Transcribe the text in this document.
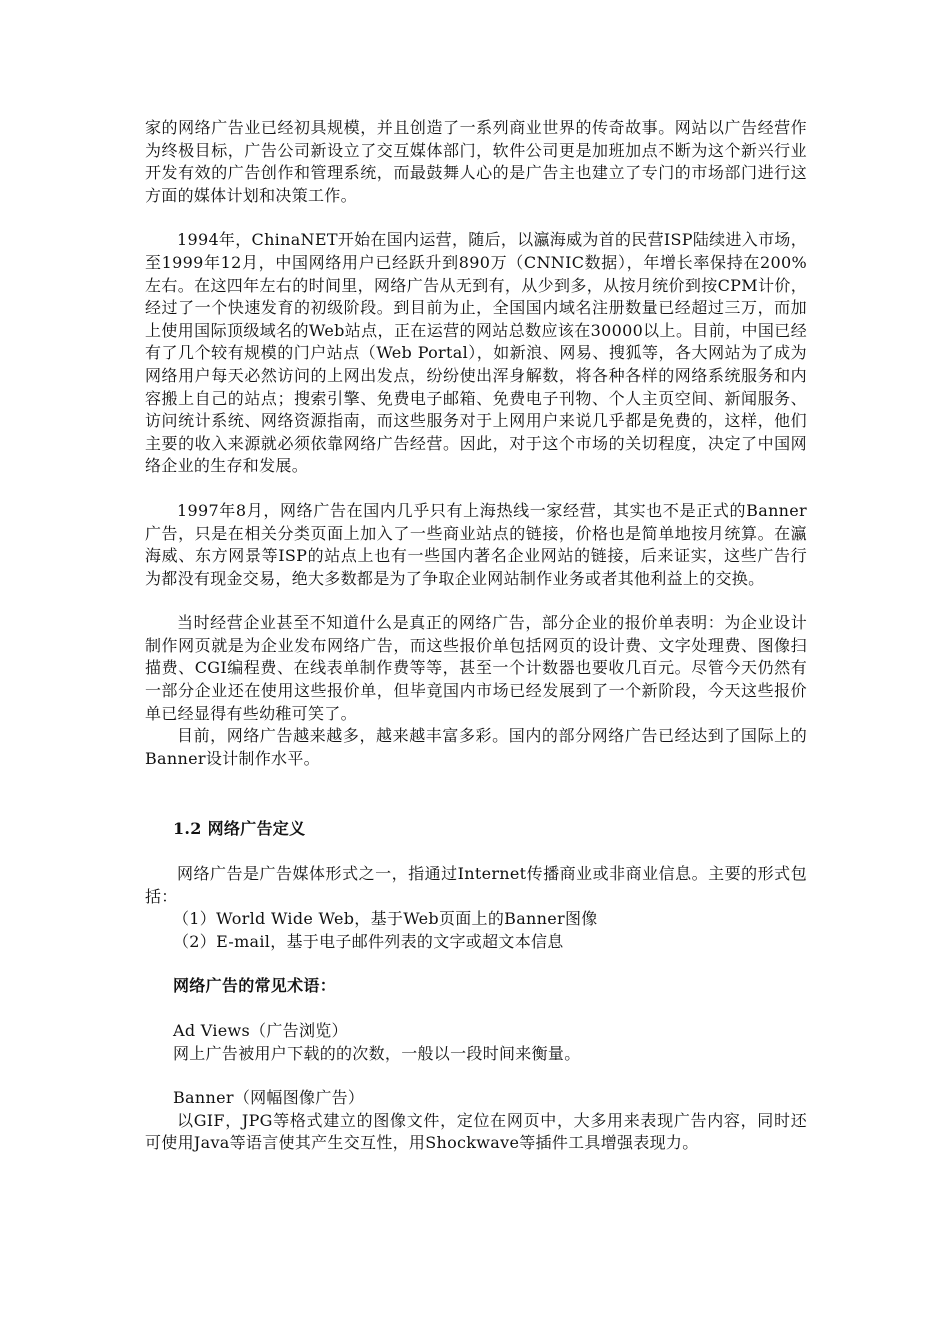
家的网络广告业已经初具规模，并且创造了一系列商业世界的传奇故事。网站以广告经营作为终极目标，广告公司新设立了交互媒体部门，软件公司更是加班加点不断为这个新兴行业开发有效的广告创作和管理系统，而最鼓舞人心的是广告主也建立了专门的市场部门进行这方面的媒体计划和决策工作。

1994年，ChinaNET开始在国内运营，随后，以瀛海威为首的民营ISP陆续进入市场，至1999年12月，中国网络用户已经跃升到890万（CNNIC数据），年增长率保持在200%左右。在这四年左右的时间里，网络广告从无到有，从少到多，从按月统价到按CPM计价，经过了一个快速发育的初级阶段。到目前为止，全国国内域名注册数量已经超过三万，而加上使用国际顶级域名的Web站点，正在运营的网站总数应该在30000以上。目前，中国已经有了几个较有规模的门户站点（Web Portal），如新浪、网易、搜狐等，各大网站为了成为网络用户每天必然访问的上网出发点，纷纷使出浑身解数，将各种各样的网络系统服务和内容搬上自己的站点；搜索引擎、免费电子邮箱、免费电子刊物、个人主页空间、新闻服务、访问统计系统、网络资源指南，而这些服务对于上网用户来说几乎都是免费的，这样，他们主要的收入来源就必须依靠网络广告经营。因此，对于这个市场的关切程度，决定了中国网络企业的生存和发展。

1997年8月，网络广告在国内几乎只有上海热线一家经营，其实也不是正式的Banner广告，只是在相关分类页面上加入了一些商业站点的链接，价格也是简单地按月统算。在瀛海威、东方网景等ISP的站点上也有一些国内著名企业网站的链接，后来证实，这些广告行为都没有现金交易，绝大多数都是为了争取企业网站制作业务或者其他利益上的交换。

当时经营企业甚至不知道什么是真正的网络广告，部分企业的报价单表明：为企业设计制作网页就是为企业发布网络广告，而这些报价单包括网页的设计费、文字处理费、图像扫描费、CGI编程费、在线表单制作费等等，甚至一个计数器也要收几百元。尽管今天仍然有一部分企业还在使用这些报价单，但毕竟国内市场已经发展到了一个新阶段，今天这些报价单已经显得有些幼稚可笑了。

目前，网络广告越来越多，越来越丰富多彩。国内的部分网络广告已经达到了国际上的Banner设计制作水平。

1.2 网络广告定义

网络广告是广告媒体形式之一，指通过Internet传播商业或非商业信息。主要的形式包括：

（1）World Wide Web，基于Web页面上的Banner图像

（2）E-mail，基于电子邮件列表的文字或超文本信息

网络广告的常见术语：

Ad Views（广告浏览）

网上广告被用户下载的的次数，一般以一段时间来衡量。

Banner（网幅图像广告）

以GIF，JPG等格式建立的图像文件，定位在网页中，大多用来表现广告内容，同时还可使用Java等语言使其产生交互性，用Shockwave等插件工具增强表现力。
